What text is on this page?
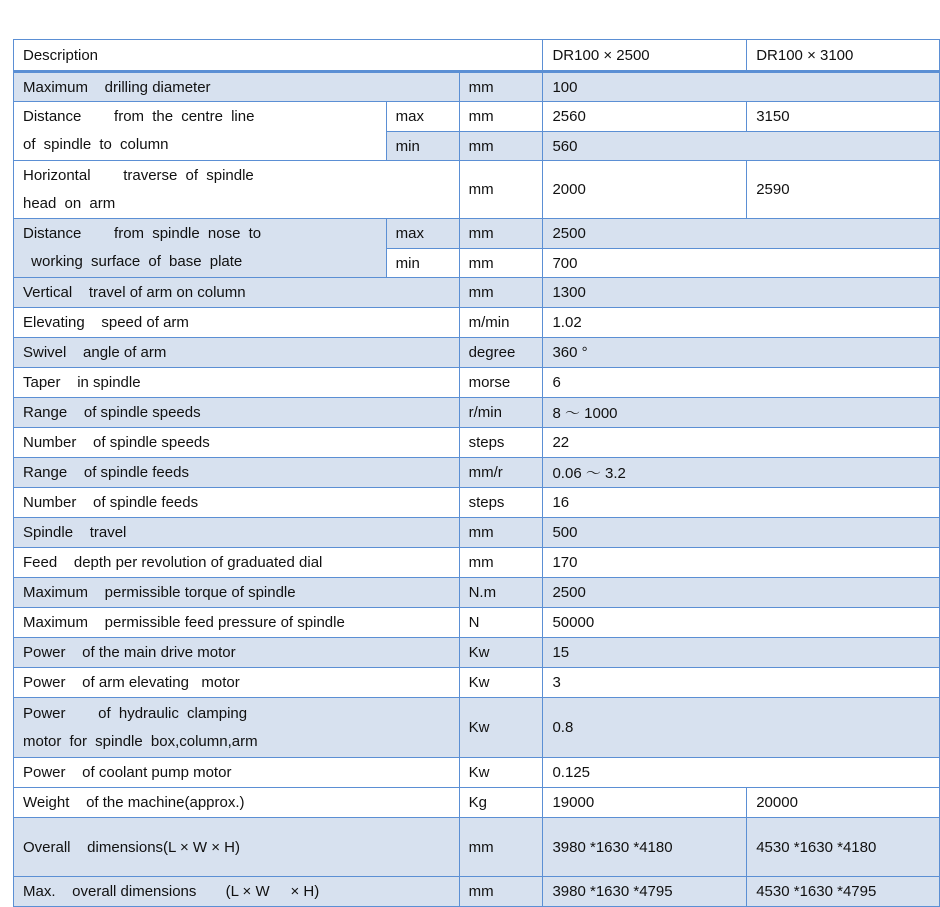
Description			DR100 × 2500	DR100 × 3100
Maximum    drilling diameter		mm	100	
Distance    from the centre line
of spindle to column	max	mm	2560	3150
	min	mm	560	
Horizontal    traverse of spindle
head on arm		mm	2000	2590
Distance    from spindle nose to
working surface of base plate	max	mm	2500	
	min	mm	700	
Vertical    travel of arm on column		mm	1300	
Elevating    speed of arm		m/min	1.02	
Swivel    angle of arm		degree	360 °	
Taper    in spindle		morse	6	
Range    of spindle speeds		r/min	8 ～ 1000	
Number    of spindle speeds		steps	22	
Range    of spindle feeds		mm/r	0.06 ～ 3.2	
Number    of spindle feeds		steps	16	
Spindle    travel		mm	500	
Feed    depth per revolution of graduated dial		mm	170	
Maximum    permissible torque of spindle		N.m	2500	
Maximum    permissible feed pressure of spindle		N	50000	
Power    of the main drive motor		Kw	15	
Power    of arm elevating   motor		Kw	3	
Power    of hydraulic clamping
motor for spindle box,column,arm		Kw	0.8	
Power    of coolant pump motor		Kw	0.125	
Weight    of the machine(approx.)		Kg	19000	20000
Overall    dimensions(L × W × H)		mm	3980 *1630 *4180	4530 *1630 *4180
Max.    overall dimensions       (L × W     × H)		mm	3980 *1630 *4795	4530 *1630 *4795
